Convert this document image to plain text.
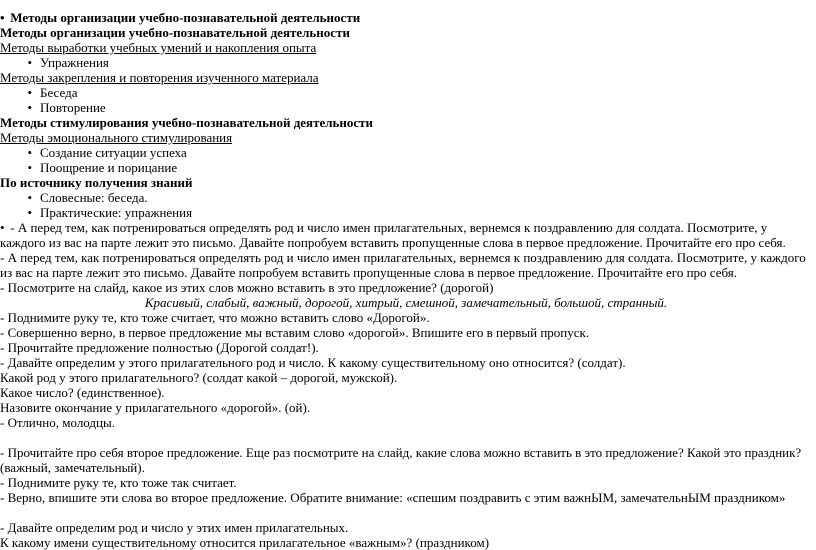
• Методы организации учебно-познавательной деятельности
Методы организации учебно-познавательной деятельности
Методы выработки учебных умений и накопления опыта
•
Упражнения
Методы закрепления и повторения изученного материала
•
Беседа
•
Повторение
Методы стимулирования учебно-познавательной деятельности
Методы эмоционального стимулирования
•
Создание ситуации успеха
•
Поощрение и порицание
По источнику получения знаний
•
Словесные: беседа.
•
Практические: упражнения
• - А перед тем, как потренироваться определять род и число имен прилагательных, вернемся к поздравлению для солдата. Посмотрите, у каждого из вас на парте лежит это письмо. Давайте попробуем вставить пропущенные слова в первое предложение. Прочитайте его про себя.
- А перед тем, как потренироваться определять род и число имен прилагательных, вернемся к поздравлению для солдата. Посмотрите, у каждого из вас на парте лежит это письмо. Давайте попробуем вставить пропущенные слова в первое предложение. Прочитайте его про себя.
- Посмотрите на слайд, какое из этих слов можно вставить в это предложение? (дорогой)
Красивый, слабый, важный, дорогой, хитрый, смешной, замечательный, большой, странный.
- Поднимите руку те, кто тоже считает, что можно вставить слово «Дорогой».
- Совершенно верно, в первое предложение мы вставим слово «дорогой». Впишите его в первый пропуск.
- Прочитайте предложение полностью (Дорогой солдат!).
- Давайте определим у этого прилагательного род и число. К какому существительному оно относится? (солдат).
Какой род у этого прилагательного? (солдат какой – дорогой, мужской).
Какое число? (единственное).
Назовите окончание у прилагательного «дорогой». (ой).
- Отлично, молодцы.
- Прочитайте про себя второе предложение. Еще раз посмотрите на слайд, какие слова можно вставить в это предложение? Какой это праздник? (важный, замечательный).
- Поднимите руку те, кто тоже так считает.
- Верно, впишите эти слова во второе предложение. Обратите внимание: «спешим поздравить с этим важнЫМ, замечательнЫМ праздником»
- Давайте определим род и число у этих имен прилагательных.
К какому имени существительному относится прилагательное «важным»? (праздником)
